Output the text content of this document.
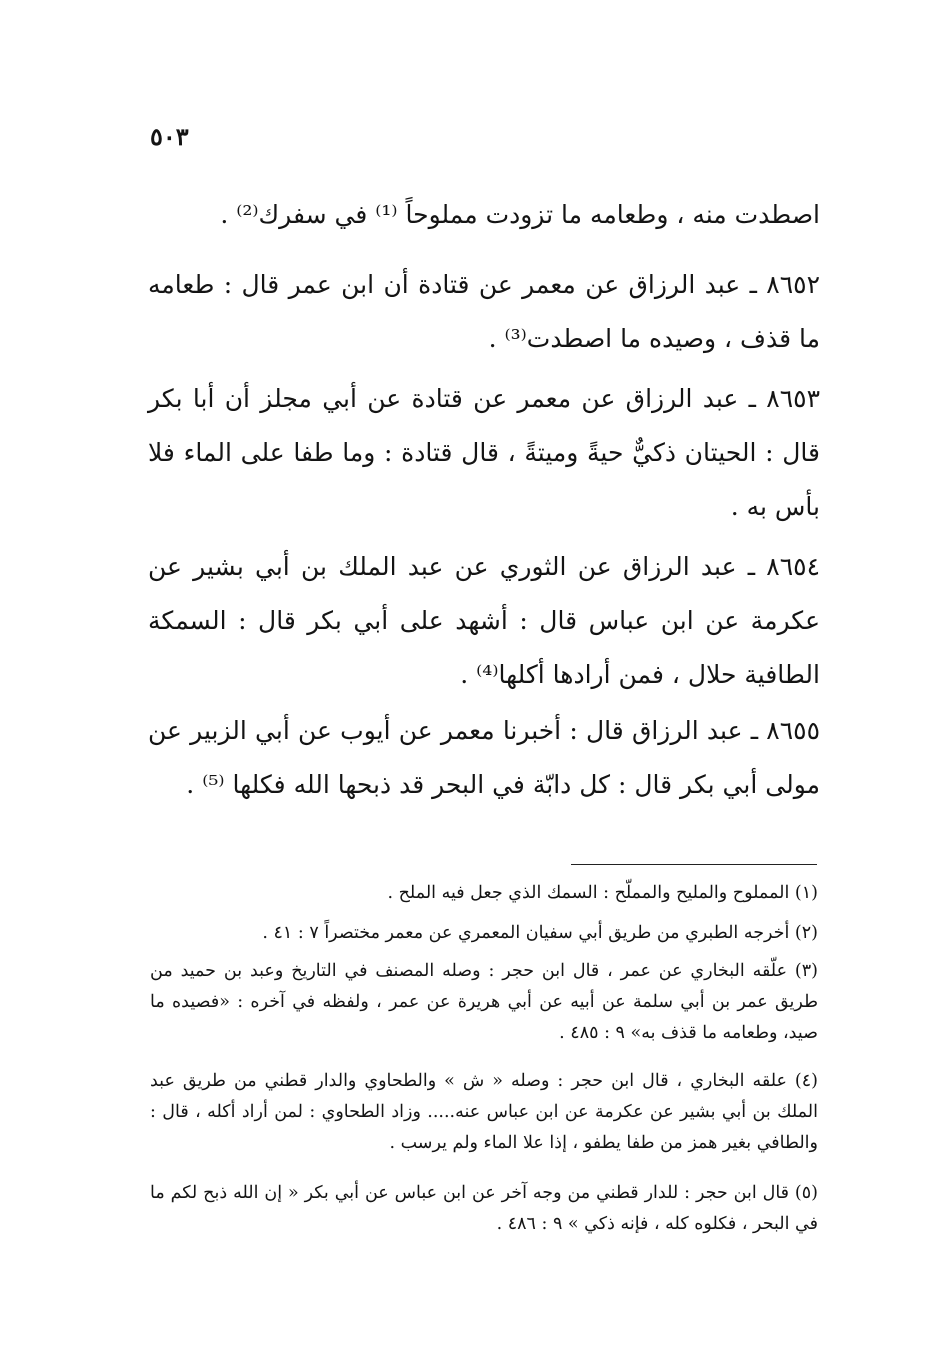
٥٠٣

اصطدت منه ، وطعامه ما تزودت مملوحاً ⁽¹⁾ في سفرك⁽²⁾ .

٨٦٥٢ ـ عبد الرزاق عن معمر عن قتادة أن ابن عمر قال : طعامه ما قذف ، وصيده ما اصطدت⁽³⁾ .

٨٦٥٣ ـ عبد الرزاق عن معمر عن قتادة عن أبي مجلز أن أبا بكر قال : الحيتان ذكيٌّ حيةً وميتةً ، قال قتادة : وما طفا على الماء فلا بأس به .

٨٦٥٤ ـ عبد الرزاق عن الثوري عن عبد الملك بن أبي بشير عن عكرمة عن ابن عباس قال : أشهد على أبي بكر قال : السمكة الطافية حلال ، فمن أرادها أكلها⁽⁴⁾ .

٨٦٥٥ ـ عبد الرزاق قال : أخبرنا معمر عن أيوب عن أبي الزبير عن مولى أبي بكر قال : كل دابّة في البحر قد ذبحها الله فكلها ⁽⁵⁾ .

(١) المملوح والمليح والمملّح : السمك الذي جعل فيه الملح .

(٢) أخرجه الطبري من طريق أبي سفيان المعمري عن معمر مختصراً ٧ : ٤١ .

(٣) علّقه البخاري عن عمر ، قال ابن حجر : وصله المصنف في التاريخ وعبد بن حميد من طريق عمر بن أبي سلمة عن أبيه عن أبي هريرة عن عمر ، ولفظه في آخره : «فصيده ما صيد، وطعامه ما قذف به» ٩ : ٤٨٥ .

(٤) علقه البخاري ، قال ابن حجر : وصله « ش » والطحاوي والدار قطني من طريق عبد الملك بن أبي بشير عن عكرمة عن ابن عباس عنه..... وزاد الطحاوي : لمن أراد أكله ، قال : والطافي بغير همز من طفا يطفو ، إذا علا الماء ولم يرسب .

(٥) قال ابن حجر : للدار قطني من وجه آخر عن ابن عباس عن أبي بكر « إن الله ذبح لكم ما في البحر ، فكلوه كله ، فإنه ذكي » ٩ : ٤٨٦ .
